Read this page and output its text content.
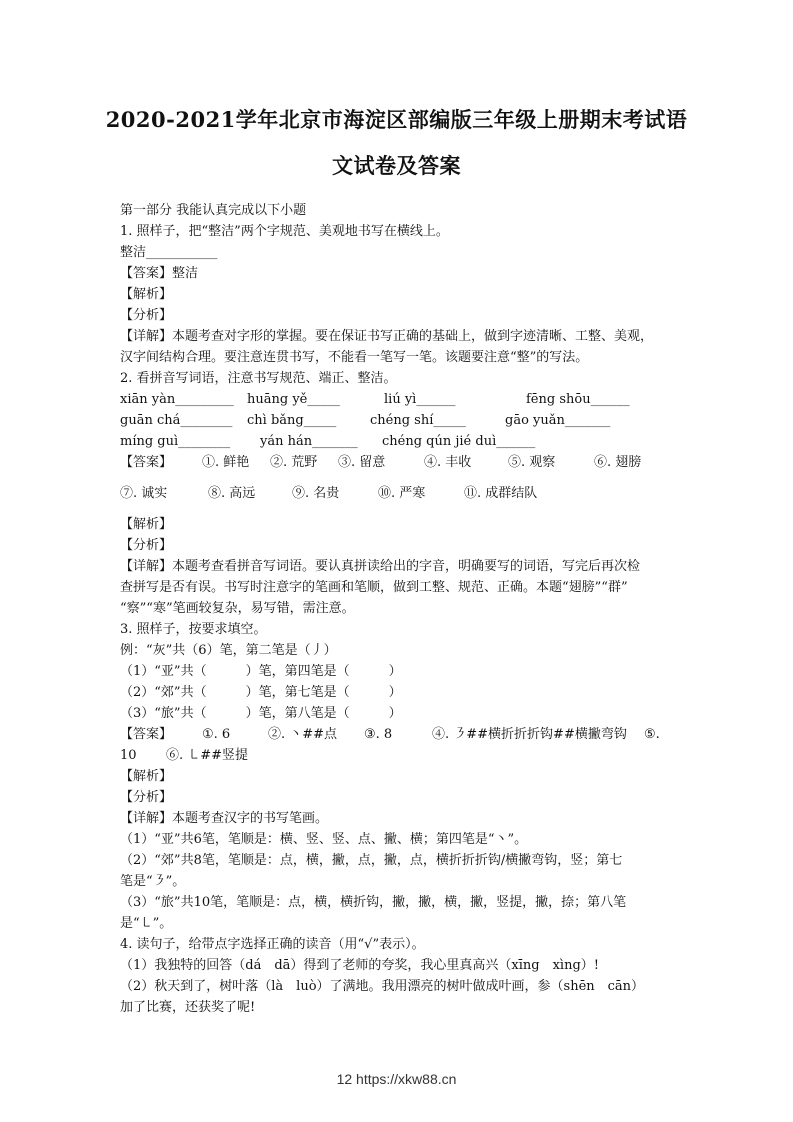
2020-2021学年北京市海淀区部编版三年级上册期末考试语
文试卷及答案
第一部分 我能认真完成以下小题
1. 照样子，把“整洁”两个字规范、美观地书写在横线上。
整洁___________
【答案】整洁
【解析】
【分析】
【详解】本题考查对字形的掌握。要在保证书写正确的基础上，做到字迹清晰、工整、美观，
汉字间结构合理。要注意连贯书写，不能看一笔写一笔。该题要注意“整”的写法。
2. 看拼音写词语，注意书写规范、端正、整洁。
xiān yàn_________ huāng yě_____	liú yì______	fēng shōu______
guān chá________ chì bǎng_____	chéng shí_____	gāo yuǎn_______
míng guì________	yán hán_______	chéng qún jié duì______
【答案】	①. 鲜艳	②. 荒野	③. 留意	④. 丰收	⑤. 观察	⑥. 翅膀
⑦. 诚实	⑧. 高远	⑨. 名贵	⑩. 严寒	⑪. 成群结队
【解析】
【分析】
【详解】本题考查看拼音写词语。要认真拼读给出的字音，明确要写的词语，写完后再次检
查拼写是否有误。书写时注意字的笔画和笔顺，做到工整、规范、正确。本题“翅膀”“群”
“察”“寒”笔画较复杂，易写错，需注意。
3. 照样子，按要求填空。
例：“灰”共（6）笔，第二笔是（丿）
（1）“亚”共（　　　）笔，第四笔是（　　　）
（2）“郊”共（　　　）笔，第七笔是（　　　）
（3）“旅”共（　　　）笔，第八笔是（　　　）
【答案】	①. 6	②. 丶##点	③. 8	④. ㇋##横折折折钩##横撇弯钩	⑤.
10	⑥. ㇄##竖提
【解析】
【分析】
【详解】本题考查汉字的书写笔画。
（1）“亚”共6笔，笔顺是：横、竖、竖、点、撇、横；第四笔是“丶”。
（2）“郊”共8笔，笔顺是：点，横，撇，点，撇，点，横折折折钩/横撇弯钩，竖；第七
笔是“㇋”。
（3）“旅”共10笔，笔顺是：点，横，横折钩，撇，撇，横，撇，竖提，撇，捺；第八笔
是“㇄”。
4. 读句子，给带点字选择正确的读音（用“√”表示）。
（1）我独特的回答（dá　dā）得到了老师的夸奖，我心里真高兴（xīng　xìng）!
（2）秋天到了，树叶落（là　luò）了满地。我用漂亮的树叶做成叶画，参（shēn　cān）
加了比赛，还获奖了呢!
12 https://xkw88.cn
